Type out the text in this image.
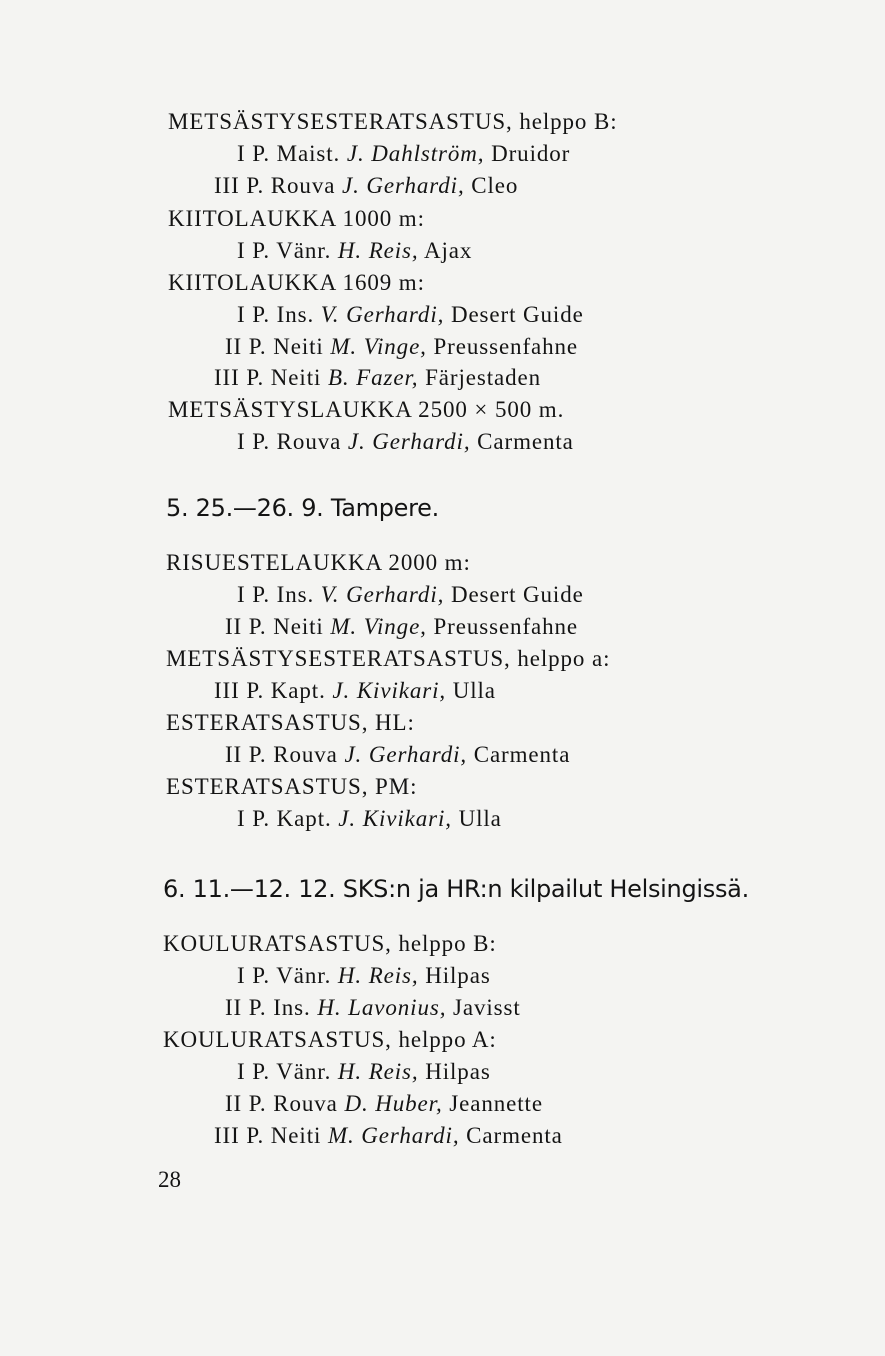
METSÄSTYSESTERATSASTUS, helppo B:
I P. Maist. J. Dahlström, Druidor
III P. Rouva J. Gerhardi, Cleo
KIITOLAUKKA 1000 m:
I P. Vänr. H. Reis, Ajax
KIITOLAUKKA 1609 m:
I P. Ins. V. Gerhardi, Desert Guide
II P. Neiti M. Vinge, Preussenfahne
III P. Neiti B. Fazer, Färjestaden
METSÄSTYSLAUKKA 2500 × 500 m.
I P. Rouva J. Gerhardi, Carmenta
5. 25.—26. 9. Tampere.
RISUESTELAUKKA 2000 m:
I P. Ins. V. Gerhardi, Desert Guide
II P. Neiti M. Vinge, Preussenfahne
METSÄSTYSESTERATSASTUS, helppo a:
III P. Kapt. J. Kivikari, Ulla
ESTERATSASTUS, HL:
II P. Rouva J. Gerhardi, Carmenta
ESTERATSASTUS, PM:
I P. Kapt. J. Kivikari, Ulla
6. 11.—12. 12. SKS:n ja HR:n kilpailut Helsingissä.
KOULURATSASTUS, helppo B:
I P. Vänr. H. Reis, Hilpas
II P. Ins. H. Lavonius, Javisst
KOULURATSASTUS, helppo A:
I P. Vänr. H. Reis, Hilpas
II P. Rouva D. Huber, Jeannette
III P. Neiti M. Gerhardi, Carmenta
28
